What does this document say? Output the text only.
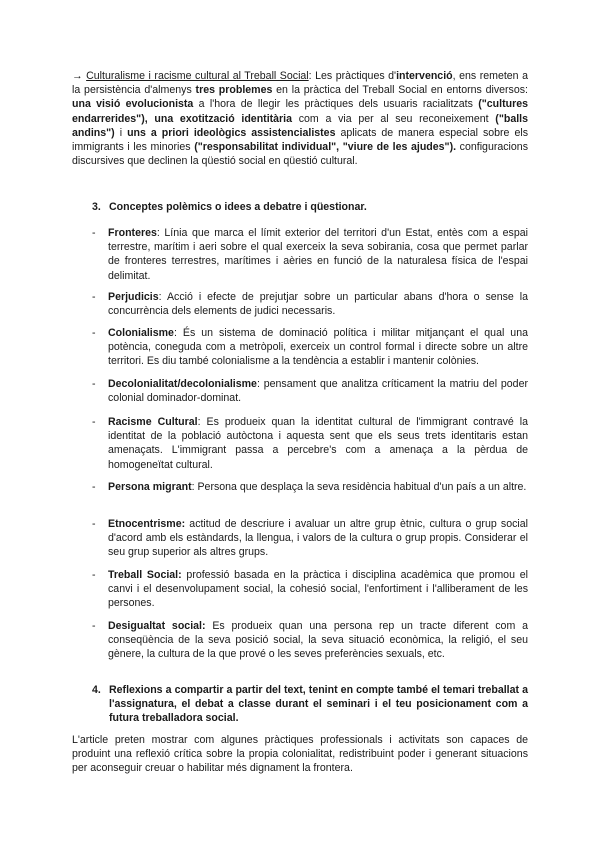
→ Culturalisme i racisme cultural al Treball Social: Les pràctiques d'intervenció, ens remeten a la persistència d'almenys tres problemes en la pràctica del Treball Social en entorns diversos: una visió evolucionista a l'hora de llegir les pràctiques dels usuaris racialitzats ("cultures endarrerides"), una exotització identitària com a via per al seu reconeixement ("balls andins") i uns a priori ideològics assistencialistes aplicats de manera especial sobre els immigrants i les minories ("responsabilitat individual", "viure de les ajudes"). configuracions discursives que declinen la qüestió social en qüestió cultural.

3. Conceptes polèmics o idees a debatre i qüestionar.

- Fronteres: Línia que marca el límit exterior del territori d'un Estat, entès com a espai terrestre, marítim i aeri sobre el qual exerceix la seva sobirania, cosa que permet parlar de fronteres terrestres, marítimes i aèries en funció de la naturalesa física de l'espai delimitat.
- Perjudicis: Acció i efecte de prejutjar sobre un particular abans d'hora o sense la concurrència dels elements de judici necessaris.
- Colonialisme: És un sistema de dominació política i militar mitjançant el qual una potència, coneguda com a metròpoli, exerceix un control formal i directe sobre un altre territori. Es diu també colonialisme a la tendència a establir i mantenir colònies.
- Decolonialitat/decolonialisme: pensament que analitza críticament la matriu del poder colonial dominador-dominat.
- Racisme Cultural: Es produeix quan la identitat cultural de l'immigrant contravé la identitat de la població autòctona i aquesta sent que els seus trets identitaris estan amenaçats. L'immigrant passa a percebre's com a amenaça a la pèrdua de homogeneïtat cultural.
- Persona migrant: Persona que desplaça la seva residència habitual d'un país a un altre.
- Etnocentrisme: actitud de descriure i avaluar un altre grup ètnic, cultura o grup social d'acord amb els estàndards, la llengua, i valors de la cultura o grup propis. Considerar el seu grup superior als altres grups.
- Treball Social: professió basada en la pràctica i disciplina acadèmica que promou el canvi i el desenvolupament social, la cohesió social, l'enfortiment i l'alliberament de les persones.
- Desigualtat social: Es produeix quan una persona rep un tracte diferent com a conseqüència de la seva posició social, la seva situació econòmica, la religió, el seu gènere, la cultura de la que prové o les seves preferències sexuals, etc.
4. Reflexions a compartir a partir del text, tenint en compte també el temari treballat a l'assignatura, el debat a classe durant el seminari i el teu posicionament com a futura treballadora social.

L'article preten mostrar com algunes pràctiques professionals i activitats son capaces de produint una reflexió crítica sobre la propia colonialitat, redistribuint poder i generant situacions per aconseguir creuar o habilitar més dignament la frontera.
